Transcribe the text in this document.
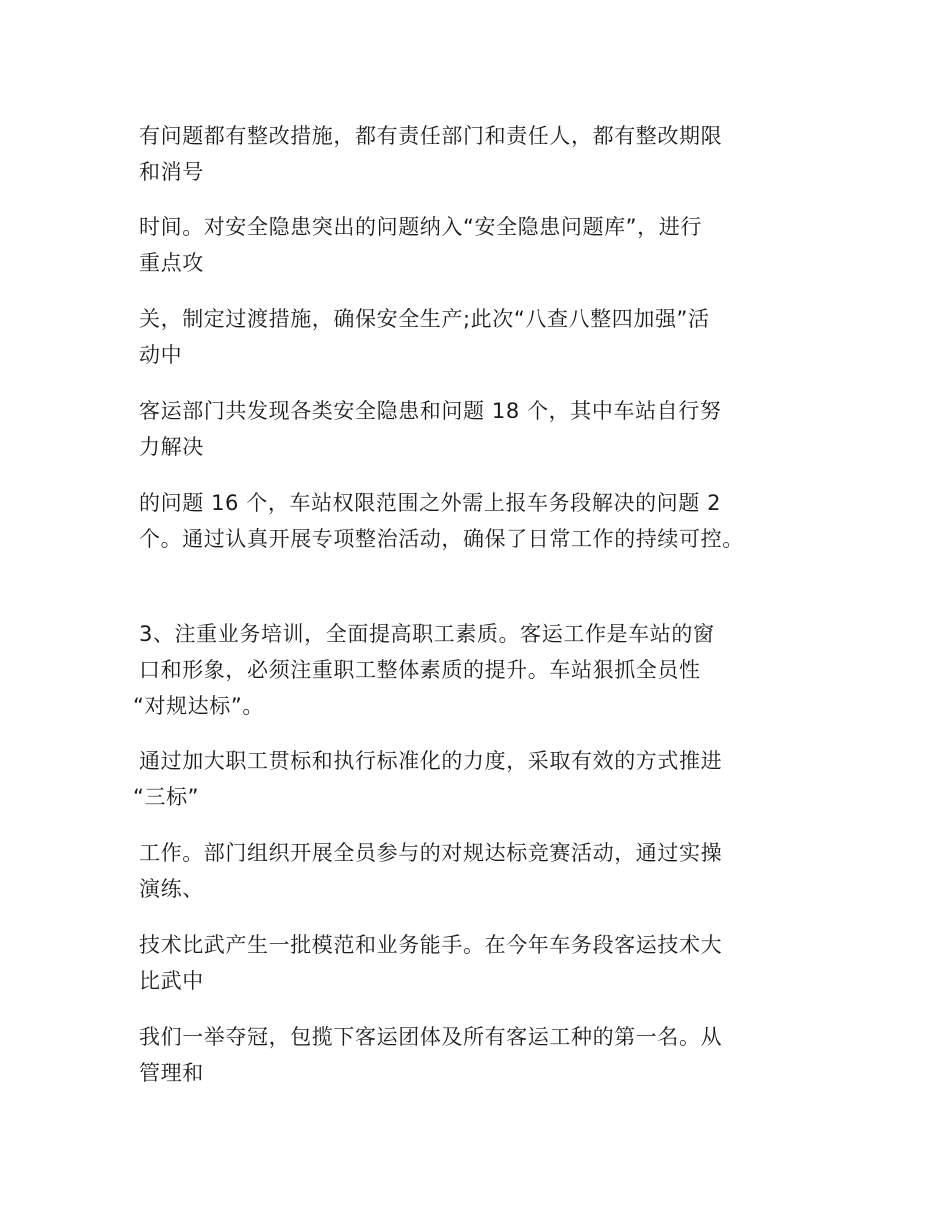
有问题都有整改措施，都有责任部门和责任人，都有整改期限
和消号

时间。对安全隐患突出的问题纳入“安全隐患问题库”，进行
重点攻

关，制定过渡措施，确保安全生产;此次“八查八整四加强”活
动中

客运部门共发现各类安全隐患和问题 18 个，其中车站自行努
力解决

的问题 16 个，车站权限范围之外需上报车务段解决的问题 2
个。通过认真开展专项整治活动，确保了日常工作的持续可控。

3、注重业务培训，全面提高职工素质。客运工作是车站的窗
口和形象，必须注重职工整体素质的提升。车站狠抓全员性
“对规达标”。

通过加大职工贯标和执行标准化的力度，采取有效的方式推进
“三标”

工作。部门组织开展全员参与的对规达标竞赛活动，通过实操
演练、

技术比武产生一批模范和业务能手。在今年车务段客运技术大
比武中

我们一举夺冠，包揽下客运团体及所有客运工种的第一名。从
管理和
